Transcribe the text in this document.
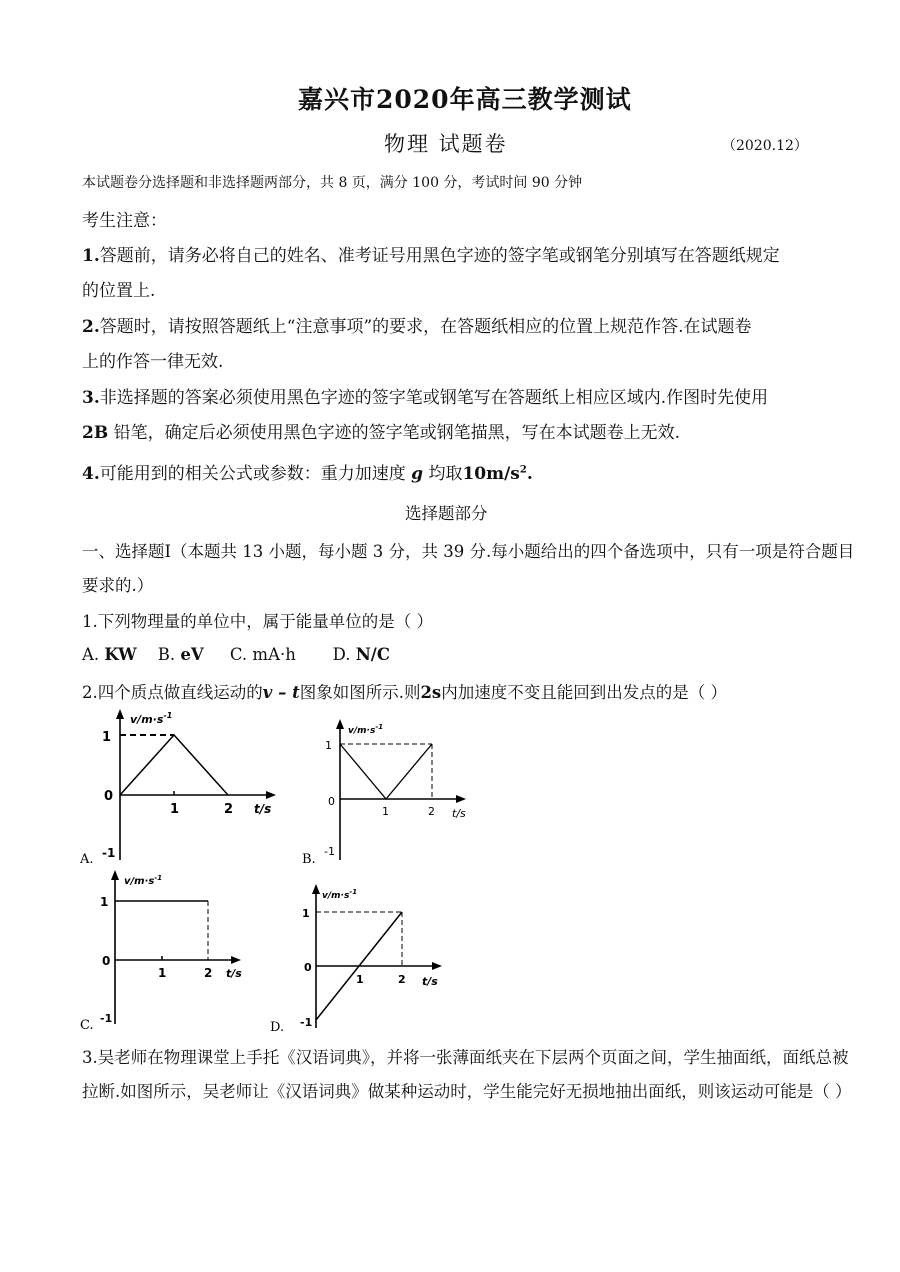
嘉兴市2020年高三教学测试
物理 试题卷	（2020.12）
本试题卷分选择题和非选择题两部分，共 8 页，满分 100 分，考试时间 90 分钟
考生注意：
1.答题前，请务必将自己的姓名、准考证号用黑色字迹的签字笔或钢笔分别填写在答题纸规定
的位置上.
2.答题时，请按照答题纸上“注意事项”的要求，在答题纸相应的位置上规范作答.在试题卷
上的作答一律无效.
3.非选择题的答案必须使用黑色字迹的签字笔或钢笔写在答题纸上相应区域内.作图时先使用
2B 铅笔，确定后必须使用黑色字迹的签字笔或钢笔描黑，写在本试题卷上无效.
4.可能用到的相关公式或参数：重力加速度 g 均取$10m/s^2$.
选择题部分
一、选择题Ⅰ（本题共 13 小题，每小题 3 分，共 39 分.每小题给出的四个备选项中，只有一项是符合题目
要求的.）
1.下列物理量的单位中，属于能量单位的是（ ）
A. KW B. eV C. mA·h D. N/C
2.四个质点做直线运动的v – t图象如图所示.则2s内加速度不变且能回到出发点的是（ ）
A.
$v/m\cdot s^{-1}$
1
0
-1
1	2 t/s
B.
$v/m\cdot s^{-1}$
1
0
-1
1	2 t/s
C.
$v/m\cdot s^{-1}$
1
0
-1
1	2 t/s
D.
$v/m\cdot s^{-1}$
1
0
-1
1	2 t/s
3.吴老师在物理课堂上手托《汉语词典》，并将一张薄面纸夹在下层两个页面之间，学生抽面纸，面纸总被
拉断.如图所示，吴老师让《汉语词典》做某种运动时，学生能完好无损地抽出面纸，则该运动可能是（ ）
